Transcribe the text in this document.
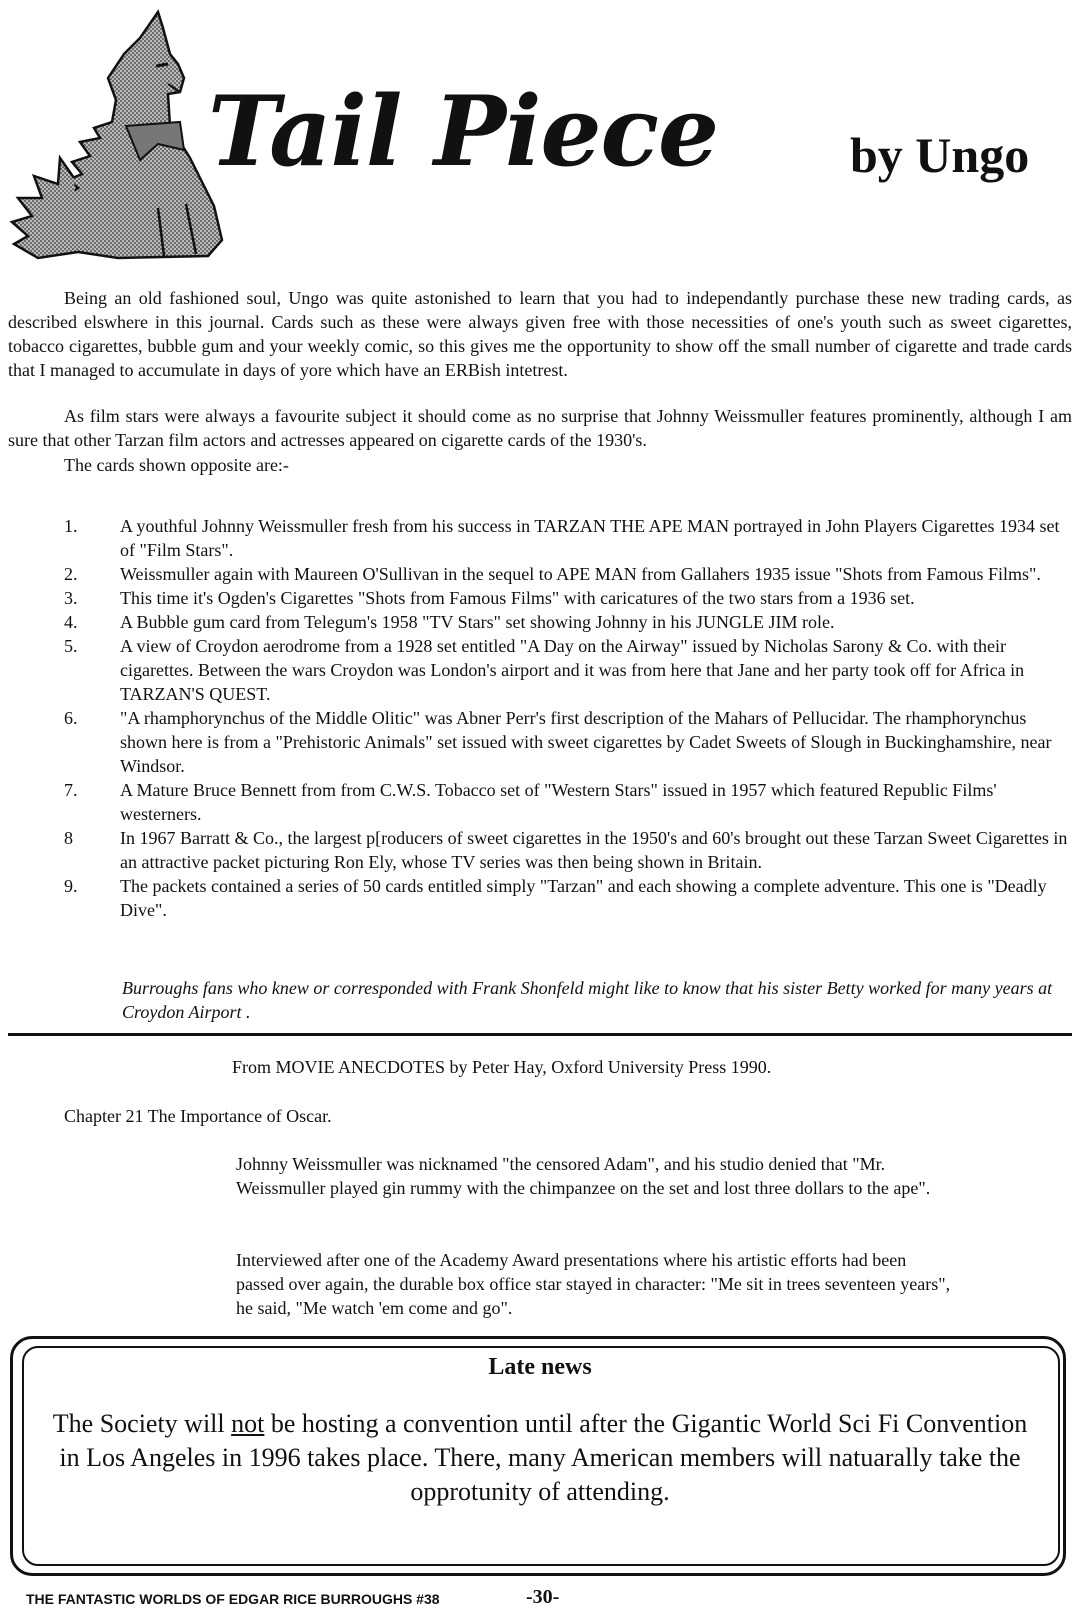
Tail Piece	by Ungo
Being an old fashioned soul, Ungo was quite astonished to learn that you had to independantly purchase these new trading cards, as described elswhere in this journal. Cards such as these were always given free with those necessities of one's youth such as sweet cigarettes, tobacco cigarettes, bubble gum and your weekly comic, so this gives me the opportunity to show off the small number of cigarette and trade cards that I managed to accumulate in days of yore which have an ERBish intetrest.
As film stars were always a favourite subject it should come as no surprise that Johnny Weissmuller features prominently, although I am sure that other Tarzan film actors and actresses appeared on cigarette cards of the 1930's.
The cards shown opposite are:-
1.	A youthful Johnny Weissmuller fresh from his success in TARZAN THE APE MAN portrayed in John Players Cigarettes 1934 set of "Film Stars".
2.	Weissmuller again with Maureen O'Sullivan in the sequel to APE MAN from Gallahers 1935 issue "Shots from Famous Films".
3.	This time it's Ogden's Cigarettes "Shots from Famous Films" with caricatures of the two stars from a 1936 set.
4.	A Bubble gum card from Telegum's 1958 "TV Stars" set showing Johnny in his JUNGLE JIM role.
5.	A view of Croydon aerodrome from a 1928 set entitled "A Day on the Airway" issued by Nicholas Sarony & Co. with their cigarettes. Between the wars Croydon was London's airport and it was from here that Jane and her party took off for Africa in TARZAN'S QUEST.
6.	"A rhamphorynchus of the Middle Olitic" was Abner Perr's first description of the Mahars of Pellucidar. The rhamphorynchus shown here is from a "Prehistoric Animals" set issued with sweet cigarettes by Cadet Sweets of Slough in Buckinghamshire, near Windsor.
7.	A Mature Bruce Bennett from from C.W.S. Tobacco set of "Western Stars" issued in 1957 which featured Republic Films' westerners.
8	In 1967 Barratt & Co., the largest p[roducers of sweet cigarettes in the 1950's and 60's brought out these Tarzan Sweet Cigarettes in an attractive packet picturing Ron Ely, whose TV series was then being shown in Britain.
9.	The packets contained a series of 50 cards entitled simply "Tarzan" and each showing a complete adventure. This one is "Deadly Dive".
Burroughs fans who knew or corresponded with Frank Shonfeld might like to know that his sister Betty worked for many years at Croydon Airport .
From MOVIE ANECDOTES by Peter Hay, Oxford University Press 1990.
Chapter 21 The Importance of Oscar.
Johnny Weissmuller was nicknamed "the censored Adam", and his studio denied that "Mr. Weissmuller played gin rummy with the chimpanzee on the set and lost three dollars to the ape".
Interviewed after one of the Academy Award presentations where his artistic efforts had been passed over again, the durable box office star stayed in character: "Me sit in trees seventeen years", he said, "Me watch 'em come and go".
Late news
The Society will not be hosting a convention until after the Gigantic World Sci Fi Convention in Los Angeles in 1996 takes place. There, many American members will natuarally take the opprotunity of attending.
THE FANTASTIC WORLDS OF EDGAR RICE BURROUGHS #38	-30-
